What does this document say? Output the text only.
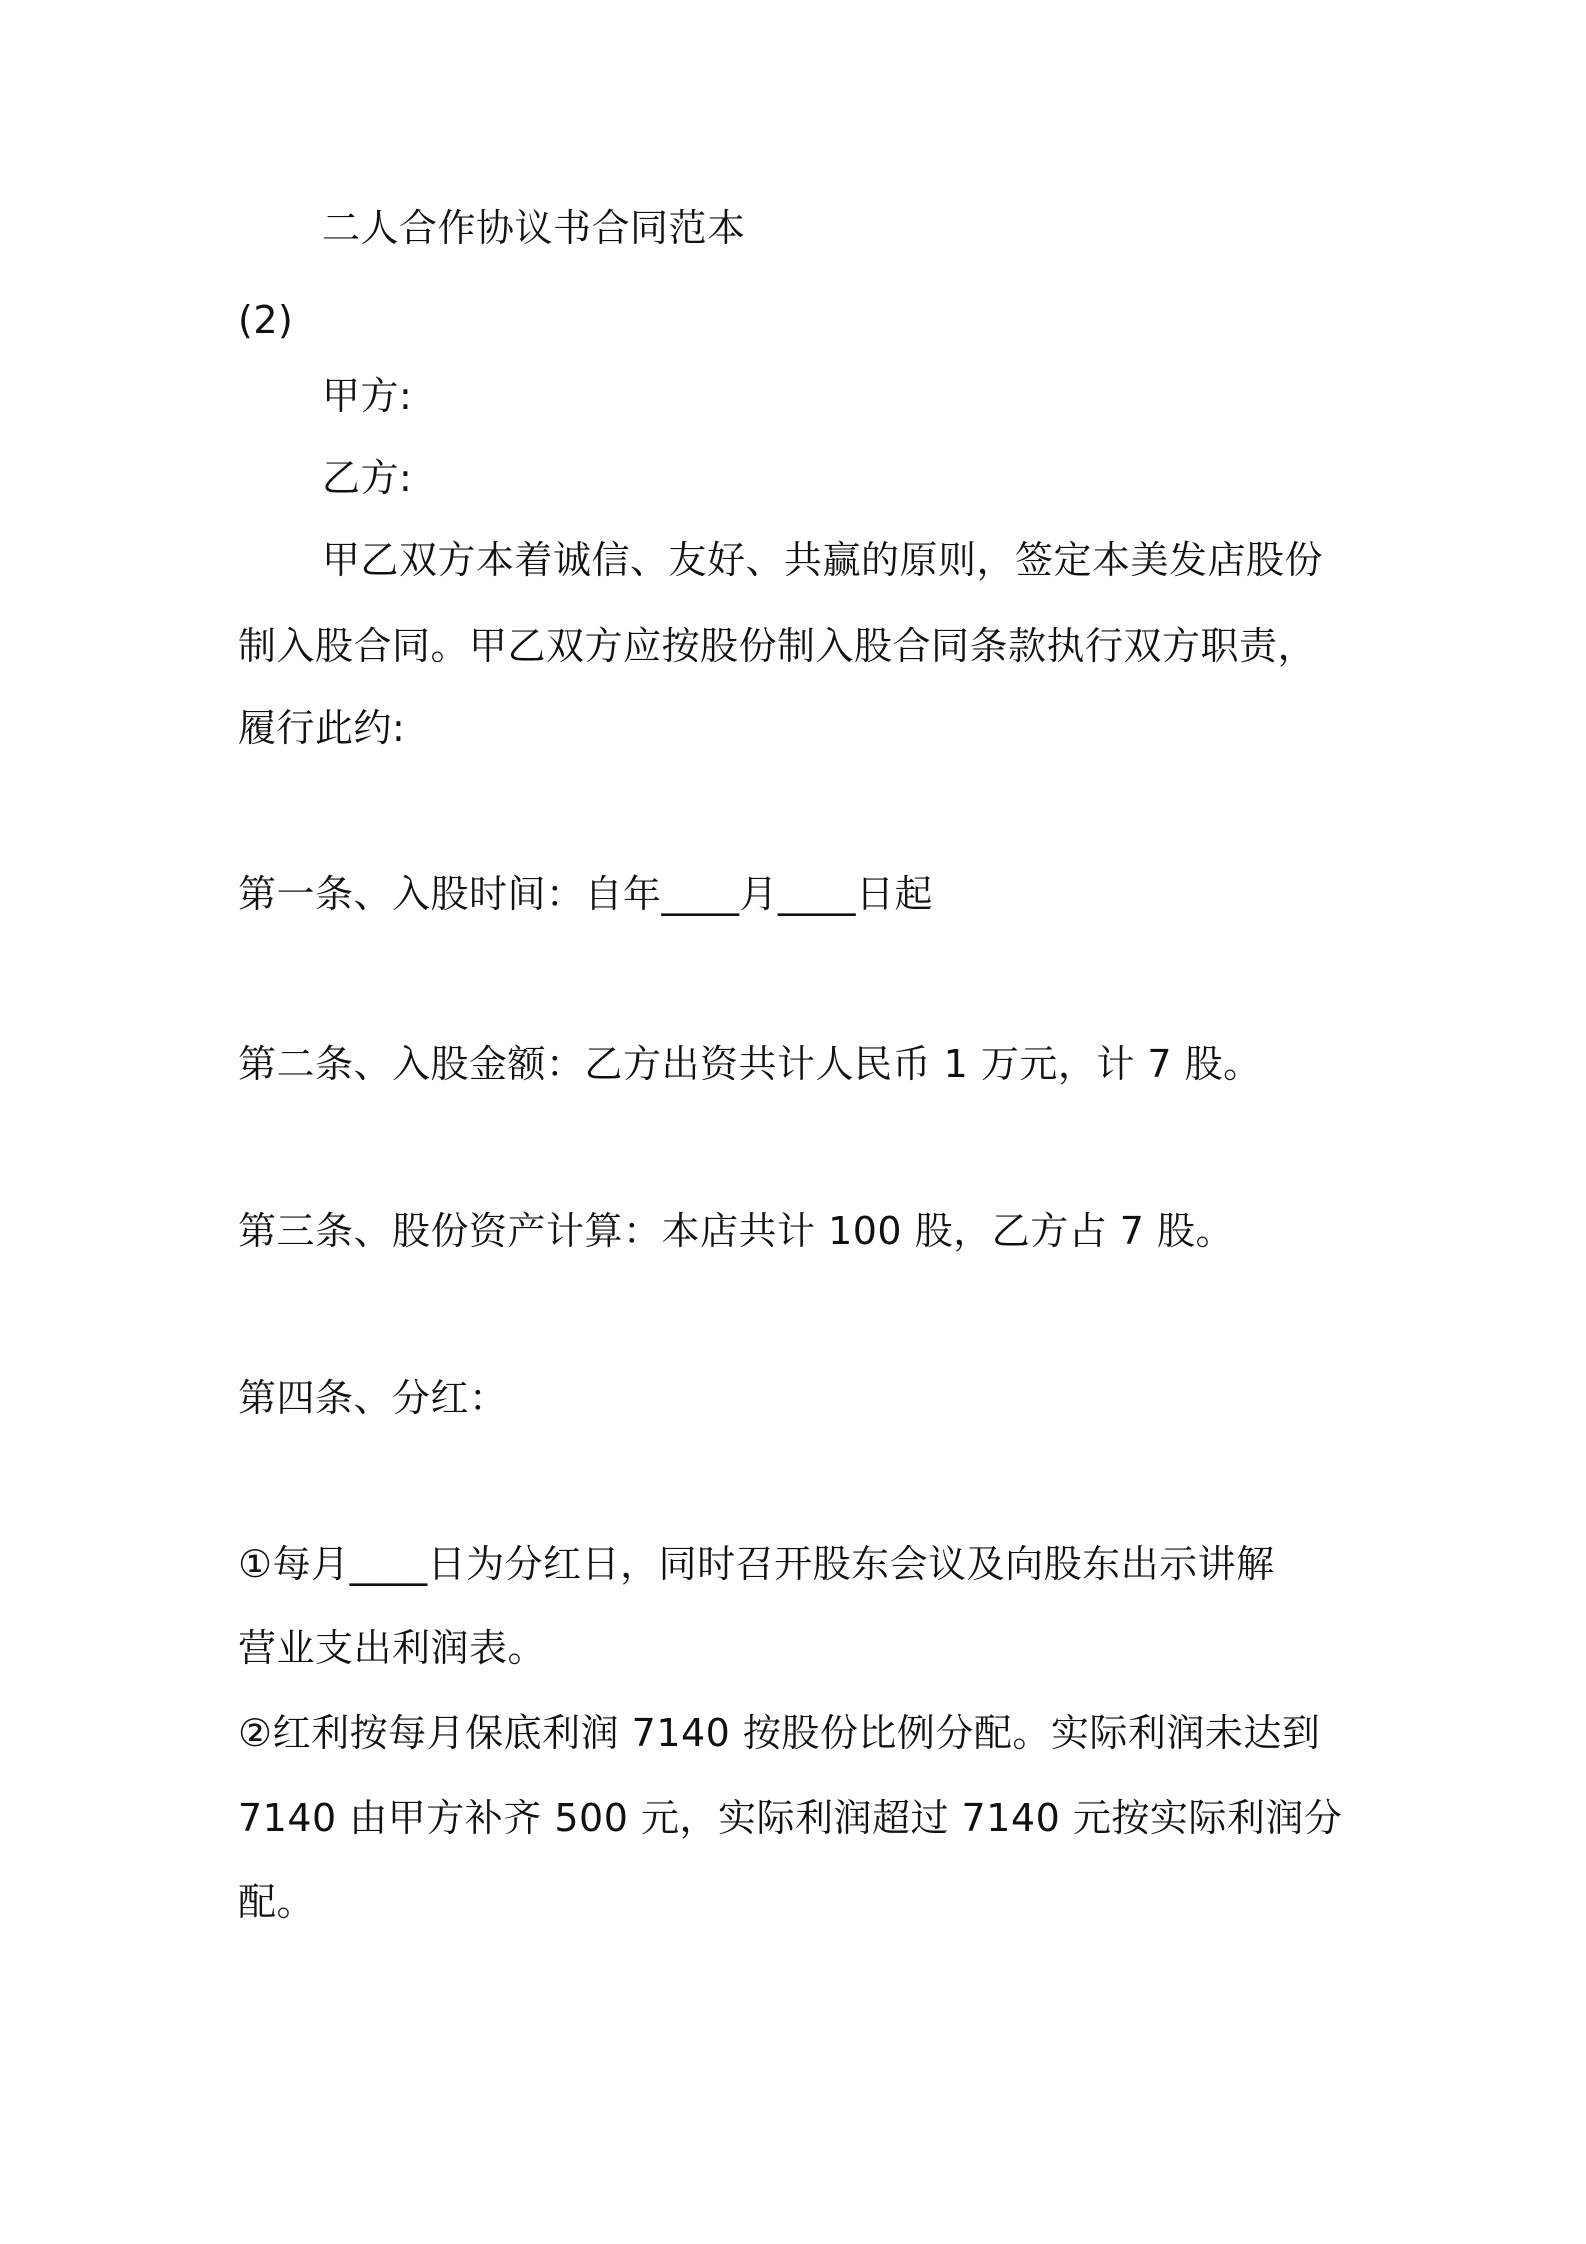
二人合作协议书合同范本
(2)
甲方:
乙方:
甲乙双方本着诚信、友好、共赢的原则，签定本美发店股份
制入股合同。甲乙双方应按股份制入股合同条款执行双方职责，
履行此约:
第一条、入股时间：自年____月____日起
第二条、入股金额：乙方出资共计人民币 1 万元，计 7 股。
第三条、股份资产计算：本店共计 100 股，乙方占 7 股。
第四条、分红：
①每月____日为分红日，同时召开股东会议及向股东出示讲解
营业支出利润表。
②红利按每月保底利润 7140 按股份比例分配。实际利润未达到
7140 由甲方补齐 500 元，实际利润超过 7140 元按实际利润分
配。
